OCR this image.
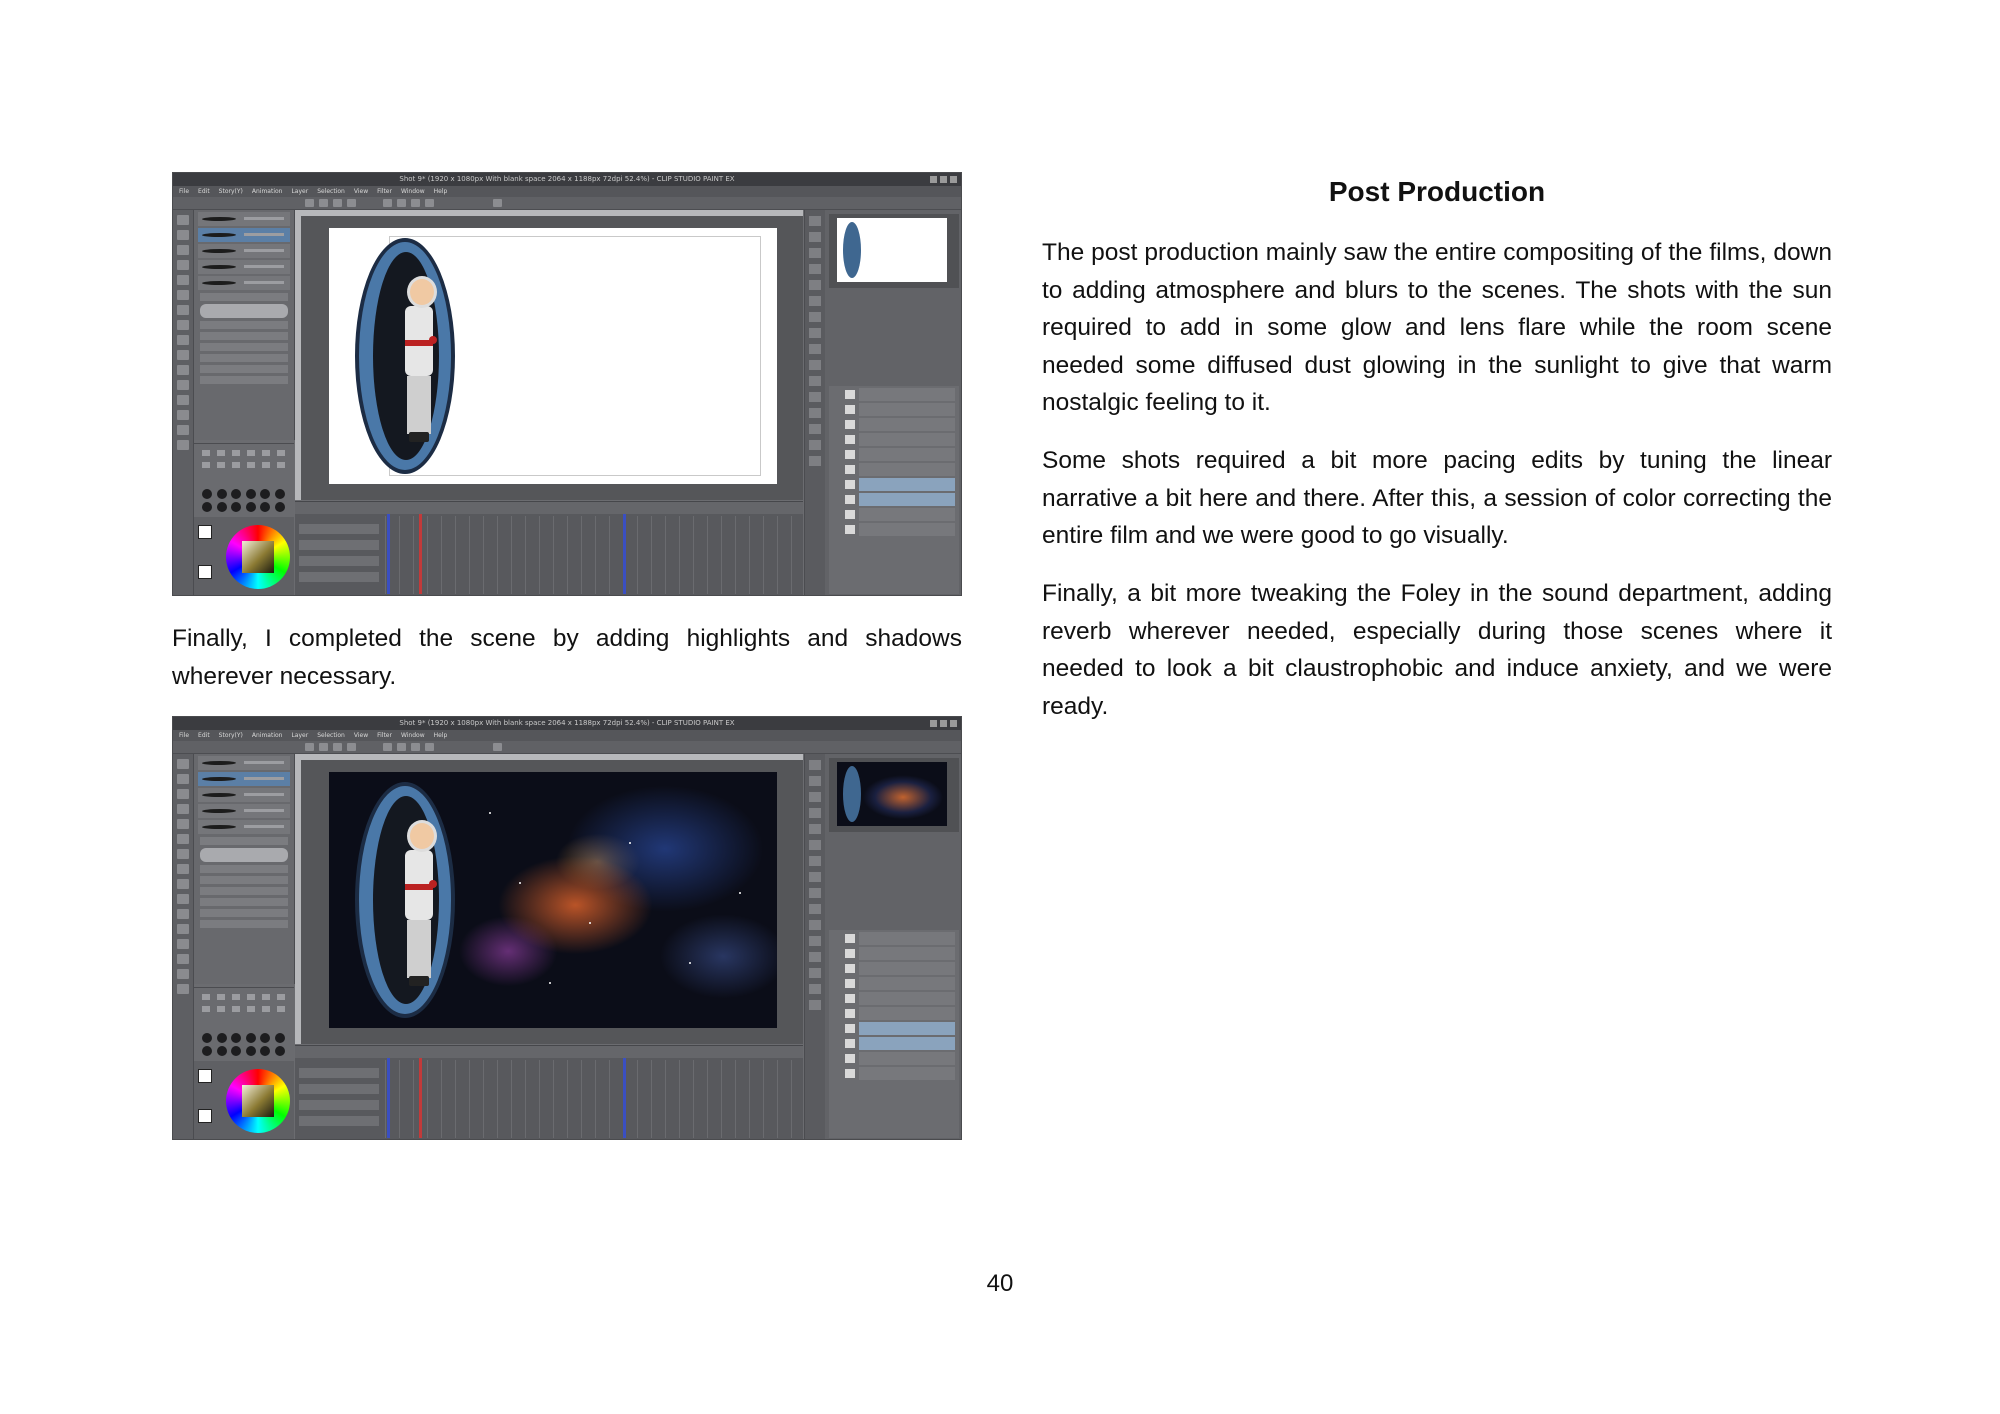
Shot 9* (1920 x 1080px With blank space 2064 x 1188px 72dpi 52.4%) - CLIP STUDIO PAINT EX
File Edit Story(Y) Animation Layer Selection View Filter Window Help
Finally, I completed the scene by adding highlights and shadows wherever necessary.
Shot 9* (1920 x 1080px With blank space 2064 x 1188px 72dpi 52.4%) - CLIP STUDIO PAINT EX
File Edit Story(Y) Animation Layer Selection View Filter Window Help
Post Production

The post production mainly saw the entire compositing of the films, down to adding atmosphere and blurs to the scenes. The shots with the sun required to add in some glow and lens flare while the room scene needed some diffused dust glowing in the sunlight to give that warm nostalgic feeling to it.

Some shots required a bit more pacing edits by tuning the linear narrative a bit here and there. After this, a session of color correcting the entire film and we were good to go visually.

Finally, a bit more tweaking the Foley in the sound department, adding reverb wherever needed, especially during those scenes where it needed to look a bit claustrophobic and induce anxiety, and we were ready.

40
